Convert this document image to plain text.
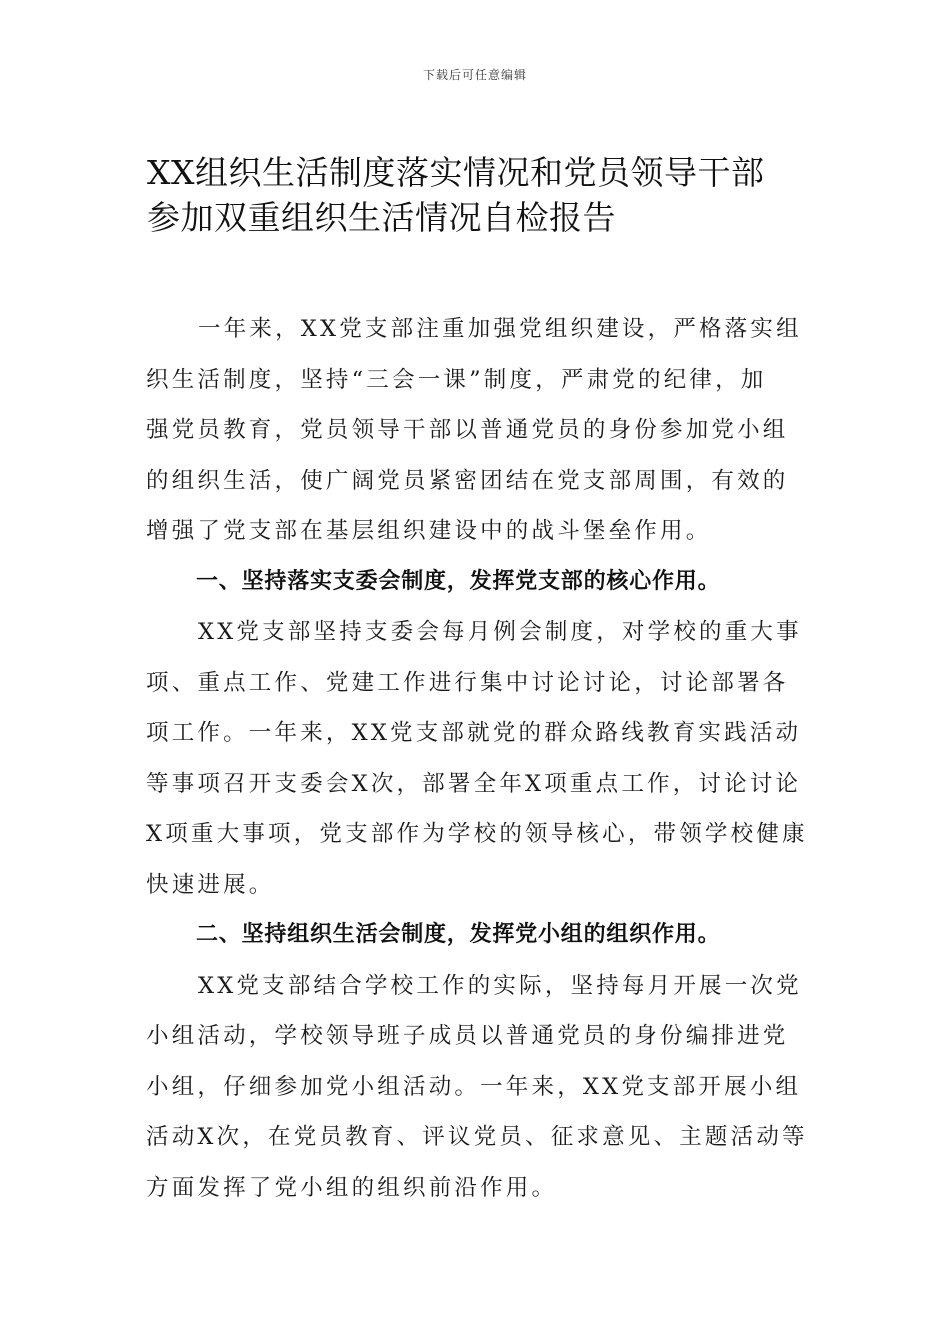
下载后可任意编辑
XX组织生活制度落实情况和党员领导干部
参加双重组织生活情况自检报告
一年来，XX党支部注重加强党组织建设，严格落实组
织生活制度，坚持“三会一课”制度，严肃党的纪律，加
强党员教育，党员领导干部以普通党员的身份参加党小组
的组织生活，使广阔党员紧密团结在党支部周围，有效的
增强了党支部在基层组织建设中的战斗堡垒作用。
一、坚持落实支委会制度，发挥党支部的核心作用。
XX党支部坚持支委会每月例会制度，对学校的重大事
项、重点工作、党建工作进行集中讨论讨论，讨论部署各
项工作。一年来，XX党支部就党的群众路线教育实践活动
等事项召开支委会X次，部署全年X项重点工作，讨论讨论
X项重大事项，党支部作为学校的领导核心，带领学校健康
快速进展。
二、坚持组织生活会制度，发挥党小组的组织作用。
XX党支部结合学校工作的实际，坚持每月开展一次党
小组活动，学校领导班子成员以普通党员的身份编排进党
小组，仔细参加党小组活动。一年来，XX党支部开展小组
活动X次，在党员教育、评议党员、征求意见、主题活动等
方面发挥了党小组的组织前沿作用。
